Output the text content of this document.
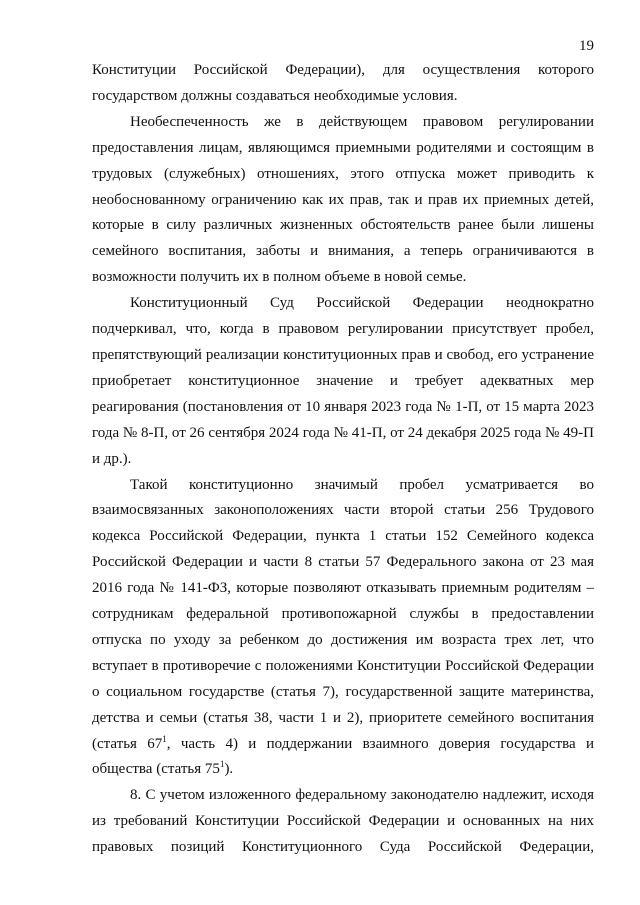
19

Конституции Российской Федерации), для осуществления которого государством должны создаваться необходимые условия.

Необеспеченность же в действующем правовом регулировании предоставления лицам, являющимся приемными родителями и состоящим в трудовых (служебных) отношениях, этого отпуска может приводить к необоснованному ограничению как их прав, так и прав их приемных детей, которые в силу различных жизненных обстоятельств ранее были лишены семейного воспитания, заботы и внимания, а теперь ограничиваются в возможности получить их в полном объеме в новой семье.

Конституционный Суд Российской Федерации неоднократно подчеркивал, что, когда в правовом регулировании присутствует пробел, препятствующий реализации конституционных прав и свобод, его устранение приобретает конституционное значение и требует адекватных мер реагирования (постановления от 10 января 2023 года № 1-П, от 15 марта 2023 года № 8-П, от 26 сентября 2024 года № 41-П, от 24 декабря 2025 года № 49-П и др.).

Такой конституционно значимый пробел усматривается во взаимосвязанных законоположениях части второй статьи 256 Трудового кодекса Российской Федерации, пункта 1 статьи 152 Семейного кодекса Российской Федерации и части 8 статьи 57 Федерального закона от 23 мая 2016 года № 141-ФЗ, которые позволяют отказывать приемным родителям – сотрудникам федеральной противопожарной службы в предоставлении отпуска по уходу за ребенком до достижения им возраста трех лет, что вступает в противоречие с положениями Конституции Российской Федерации о социальном государстве (статья 7), государственной защите материнства, детства и семьи (статья 38, части 1 и 2), приоритете семейного воспитания (статья $67^1$, часть 4) и поддержании взаимного доверия государства и общества (статья $75^1$).

8. С учетом изложенного федеральному законодателю надлежит, исходя из требований Конституции Российской Федерации и основанных на них правовых позиций Конституционного Суда Российской Федерации,
